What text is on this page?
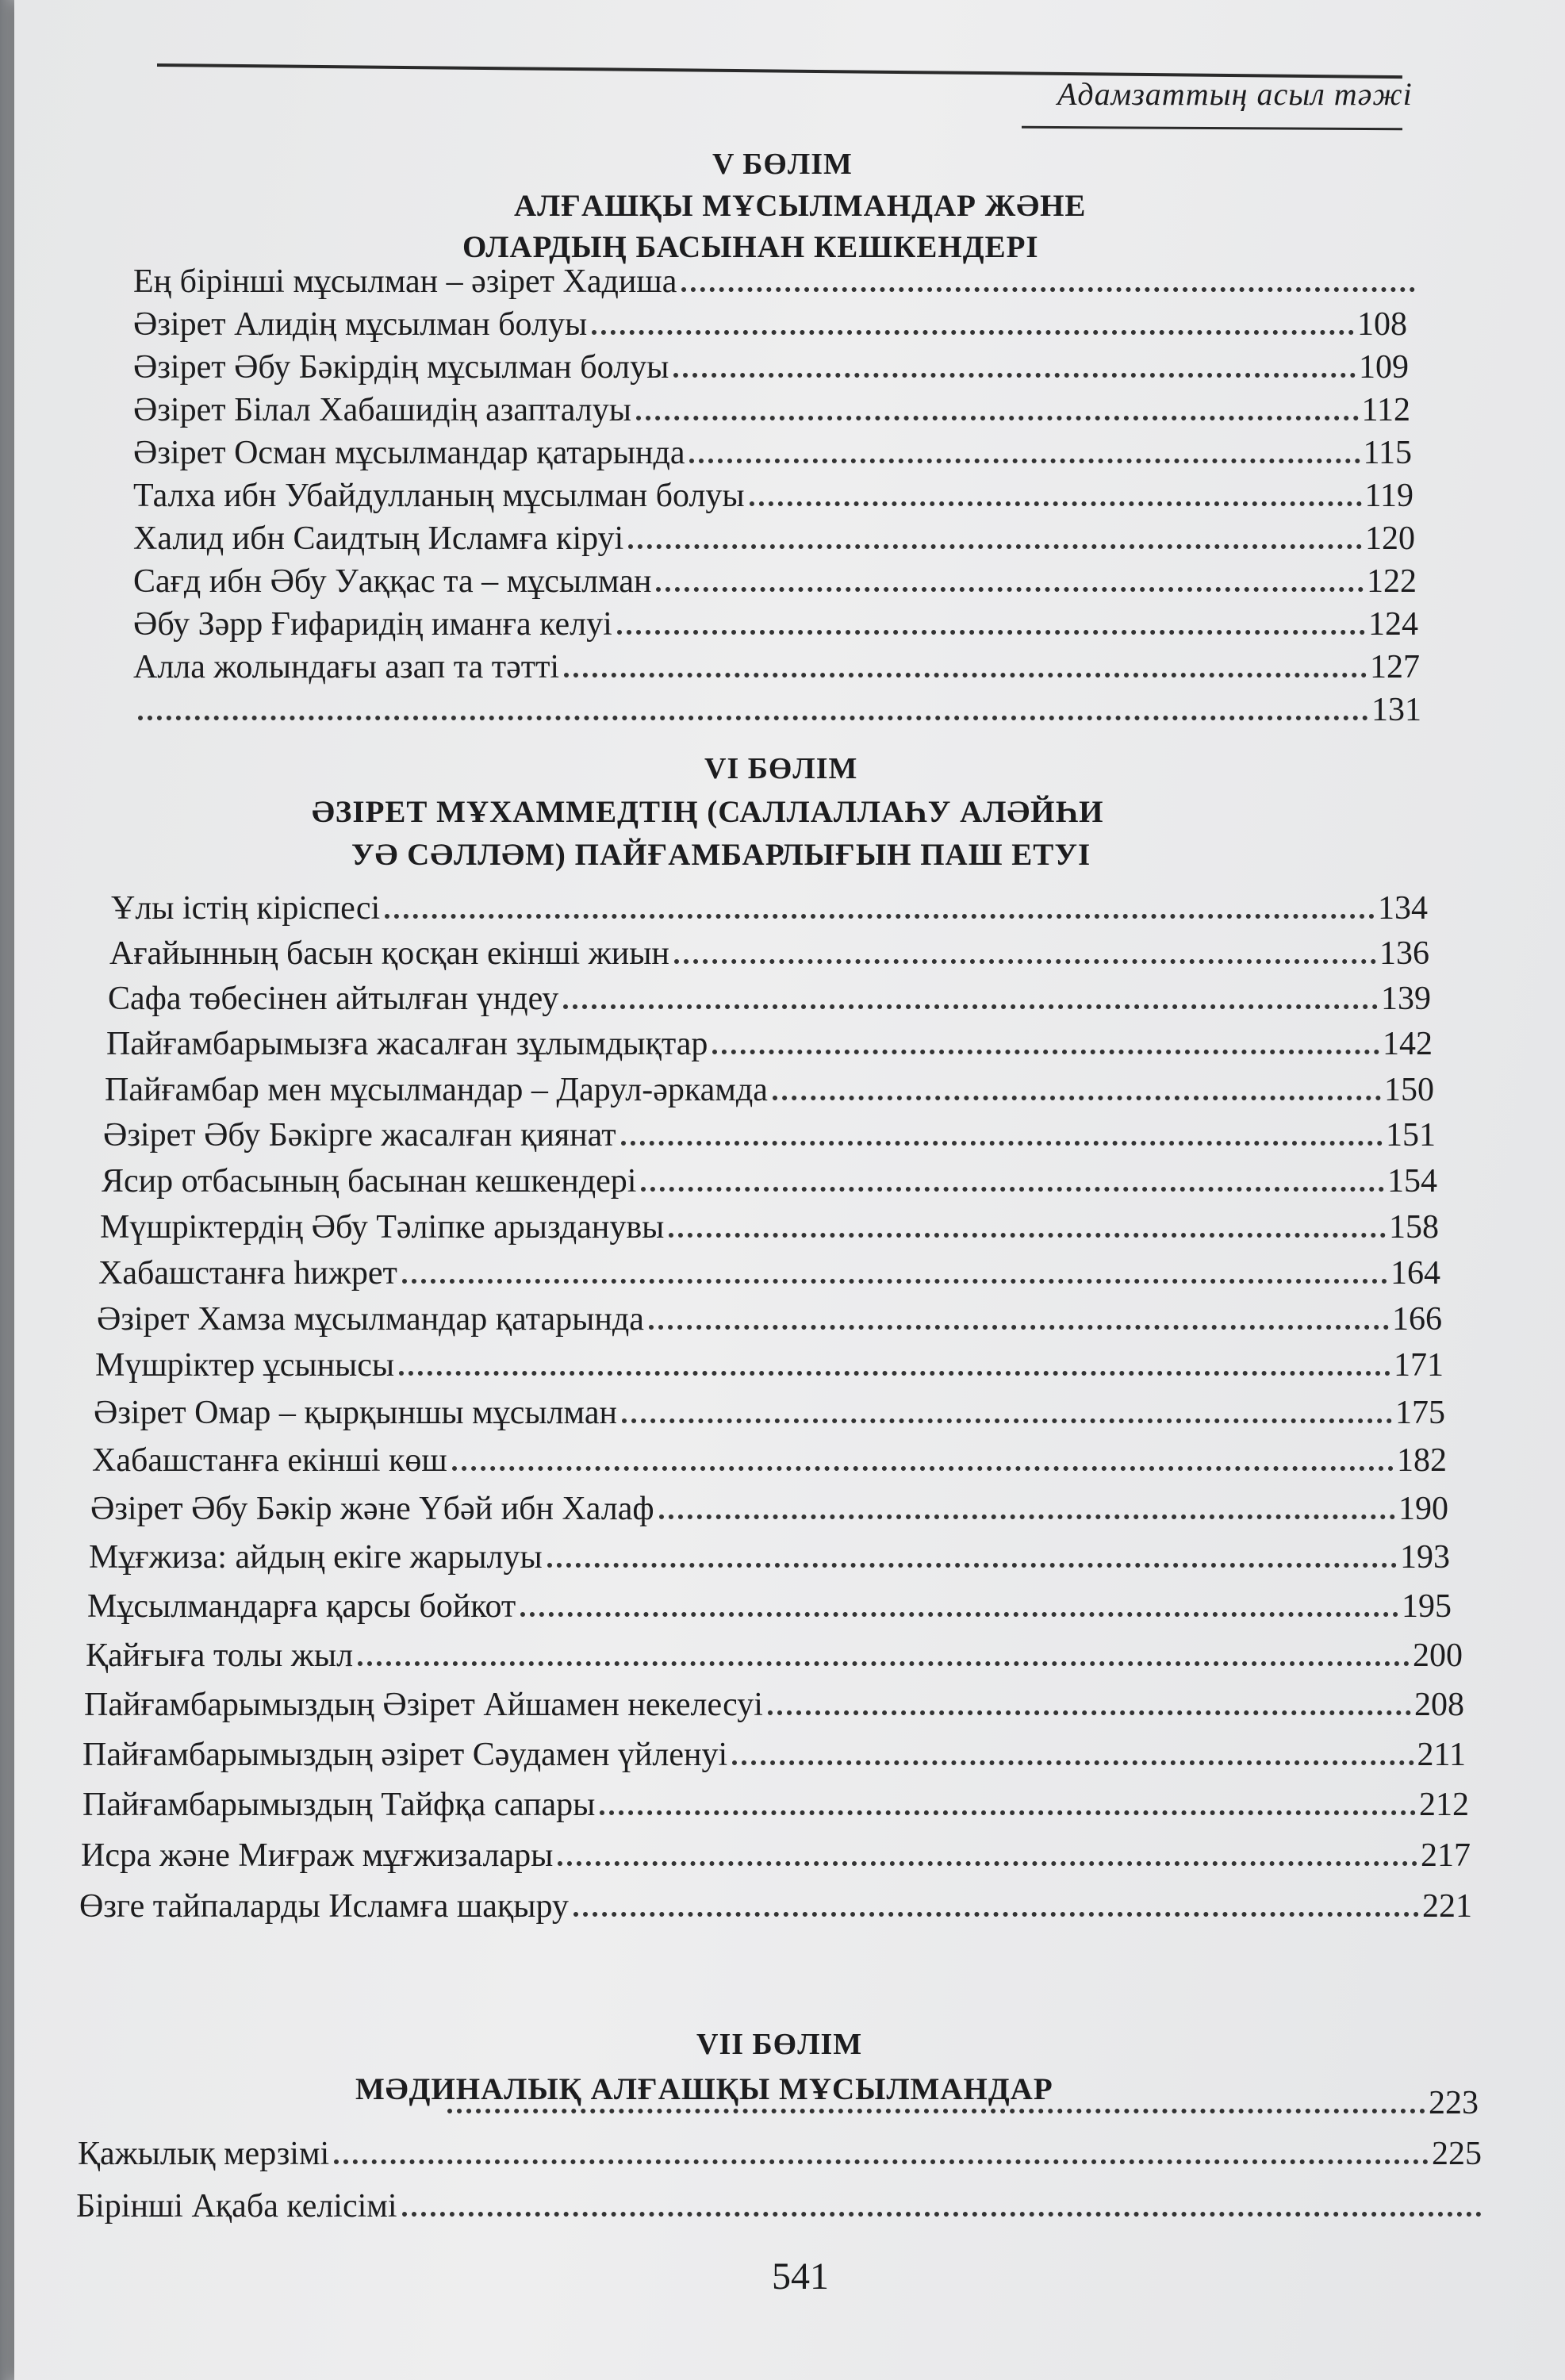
Адамзаттың асыл тәжі
V БӨЛІМ
АЛҒАШҚЫ МҰСЫЛМАНДАР ЖӘНЕ
ОЛАРДЫҢ БАСЫНАН КЕШКЕНДЕРІ
Ең бірінші мұсылман – әзірет Хадиша
Әзірет Алидің мұсылман болуы	108
Әзірет Әбу Бәкірдің мұсылман болуы	109
Әзірет Білал Хабашидің азапталуы	112
Әзірет Осман мұсылмандар қатарында	115
Талха ибн Убайдулланың мұсылман болуы	119
Халид ибн Саидтың Исламға кіруі	120
Сағд ибн Әбу Уаққас та – мұсылман	122
Әбу Зәрр Ғифаридің иманға келуі	124
Алла жолындағы азап та тәтті	127
131
VI БӨЛІМ
ӘЗІРЕТ МҰХАММЕДТІҢ (САЛЛАЛЛАҺУ АЛӘЙҺИ
УӘ СӘЛЛӘМ) ПАЙҒАМБАРЛЫҒЫН ПАШ ЕТУІ
Ұлы істің кіріспесі	134
Ағайынның басын қосқан екінші жиын	136
Сафа төбесінен айтылған үндеу	139
Пайғамбарымызға жасалған зұлымдықтар	142
Пайғамбар мен мұсылмандар – Дарул-әркамда	150
Әзірет Әбу Бәкірге жасалған қиянат	151
Ясир отбасының басынан кешкендері	154
Мүшріктердің Әбу Тәліпке арызданувы	158
Хабашстанға һижрет	164
Әзірет Хамза мұсылмандар қатарында	166
Мүшріктер ұсынысы	171
Әзірет Омар – қырқыншы мұсылман	175
Хабашстанға екінші көш	182
Әзірет Әбу Бәкір және Үбәй ибн Халаф	190
Мұғжиза: айдың екіге жарылуы	193
Мұсылмандарға қарсы бойкот	195
Қайғыға толы жыл	200
Пайғамбарымыздың Әзірет Айшамен некелесуі	208
Пайғамбарымыздың әзірет Сәудамен үйленуі	211
Пайғамбарымыздың Тайфқа сапары	212
Исра және Миғраж мұғжизалары	217
Өзге тайпаларды Исламға шақыру	221
VII БӨЛІМ
МӘДИНАЛЫҚ АЛҒАШҚЫ МҰСЫЛМАНДАР	223
Қажылық мерзімі	225
Бірінші Ақаба келісімі
541
